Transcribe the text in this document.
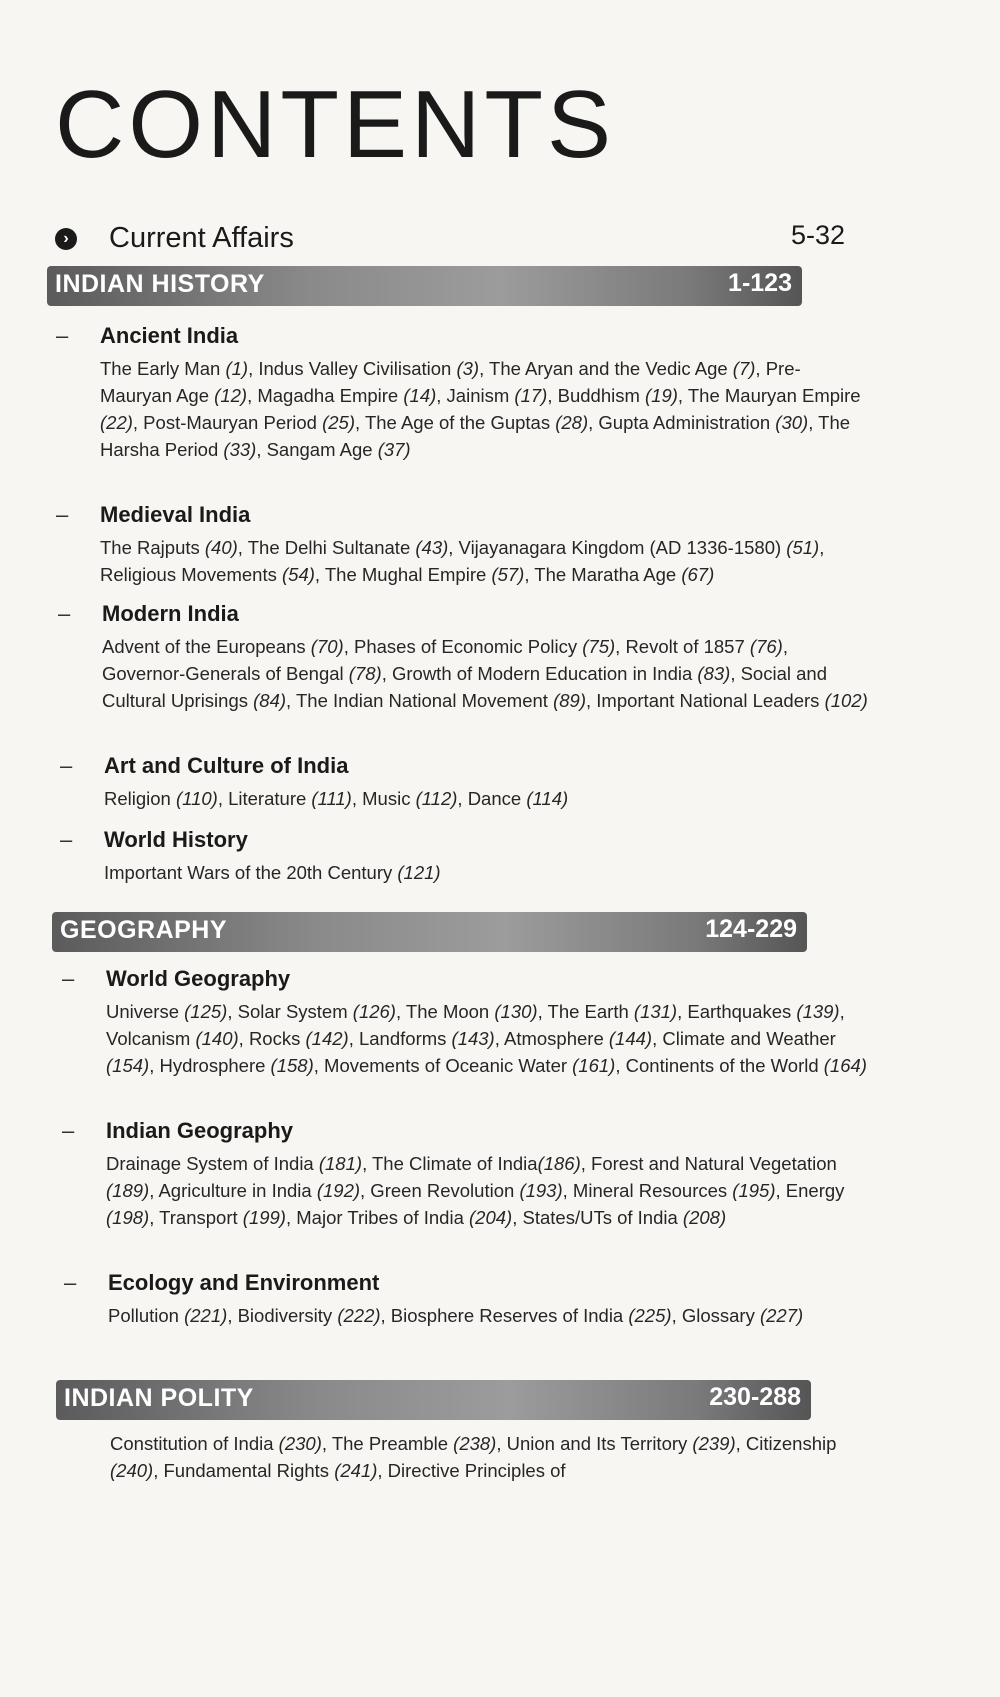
CONTENTS
› Current Affairs	5-32
INDIAN HISTORY	1-123
– Ancient India

The Early Man (1), Indus Valley Civilisation (3), The Aryan and the Vedic Age (7), Pre-Mauryan Age (12), Magadha Empire (14), Jainism (17), Buddhism (19), The Mauryan Empire (22), Post-Mauryan Period (25), The Age of the Guptas (28), Gupta Administration (30), The Harsha Period (33), Sangam Age (37)

– Medieval India

The Rajputs (40), The Delhi Sultanate (43), Vijayanagara Kingdom (AD 1336-1580) (51), Religious Movements (54), The Mughal Empire (57), The Maratha Age (67)

– Modern India

Advent of the Europeans (70), Phases of Economic Policy (75), Revolt of 1857 (76), Governor-Generals of Bengal (78), Growth of Modern Education in India (83), Social and Cultural Uprisings (84), The Indian National Movement (89), Important National Leaders (102)

– Art and Culture of India

Religion (110), Literature (111), Music (112), Dance (114)

– World History

Important Wars of the 20th Century (121)

GEOGRAPHY	124-229
– World Geography

Universe (125), Solar System (126), The Moon (130), The Earth (131), Earthquakes (139), Volcanism (140), Rocks (142), Landforms (143), Atmosphere (144), Climate and Weather (154), Hydrosphere (158), Movements of Oceanic Water (161), Continents of the World (164)

– Indian Geography

Drainage System of India (181), The Climate of India(186), Forest and Natural Vegetation (189), Agriculture in India (192), Green Revolution (193), Mineral Resources (195), Energy (198), Transport (199), Major Tribes of India (204), States/UTs of India (208)

– Ecology and Environment

Pollution (221), Biodiversity (222), Biosphere Reserves of India (225), Glossary (227)

INDIAN POLITY	230-288

Constitution of India (230), The Preamble (238), Union and Its Territory (239), Citizenship (240), Fundamental Rights (241), Directive Principles of
